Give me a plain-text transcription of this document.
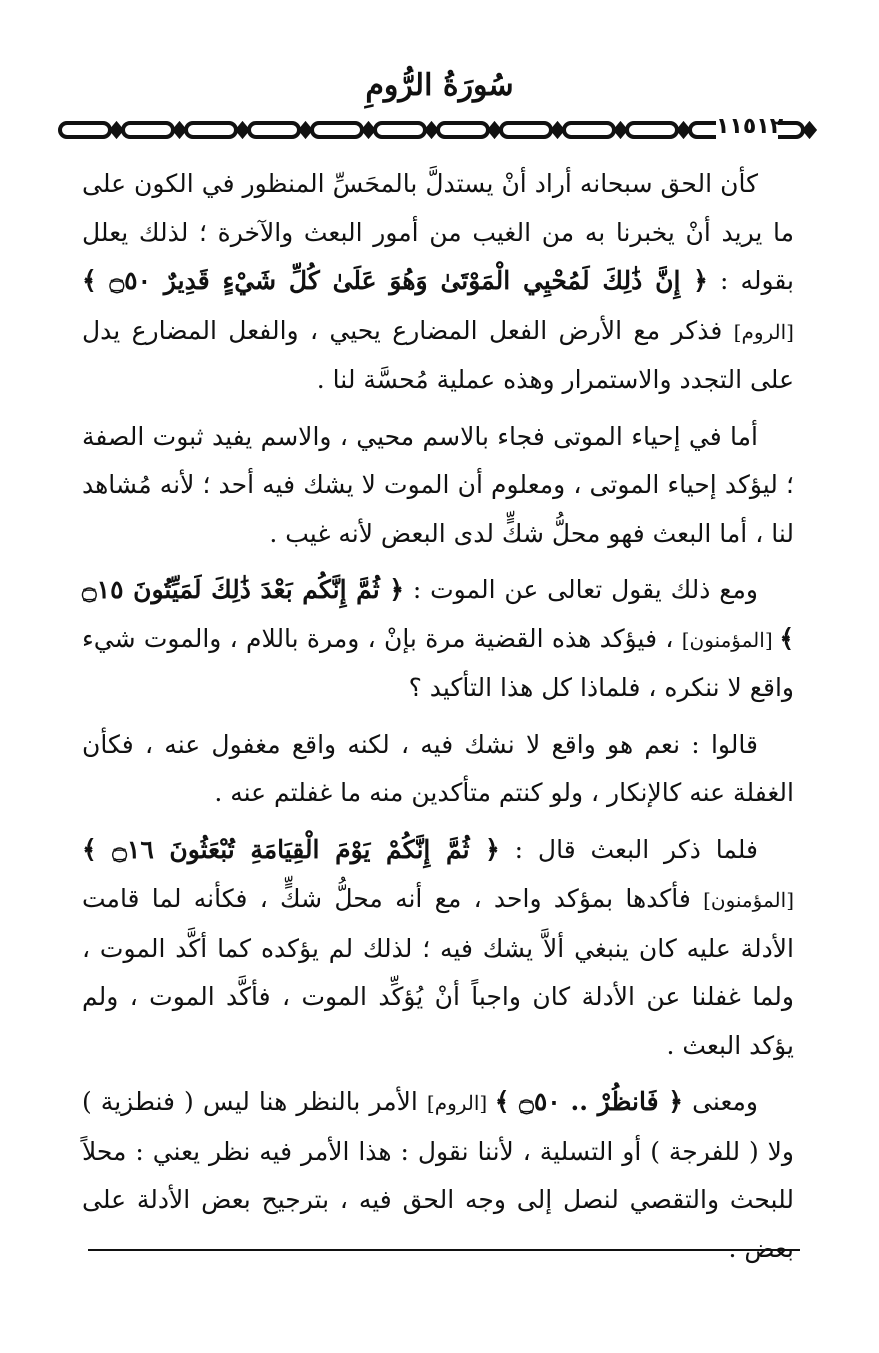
سُورَةُ الرُّومِ
١١٥١٢

كأن الحق سبحانه أراد أنْ يستدلَّ بالمحَسِّ المنظور في الكون على ما يريد أنْ يخبرنا به من الغيب من أمور البعث والآخرة ؛ لذلك يعلل بقوله : ﴿ إِنَّ ذَٰلِكَ لَمُحْيِي الْمَوْتَىٰ وَهُوَ عَلَىٰ كُلِّ شَيْءٍ قَدِيرٌ ۝٥٠ ﴾ [الروم] فذكر مع الأرض الفعل المضارع يحيي ، والفعل المضارع يدل على التجدد والاستمرار وهذه عملية مُحسَّة لنا .

أما في إحياء الموتى فجاء بالاسم محيي ، والاسم يفيد ثبوت الصفة ؛ ليؤكد إحياء الموتى ، ومعلوم أن الموت لا يشك فيه أحد ؛ لأنه مُشاهد لنا ، أما البعث فهو محلُّ شكٍّ لدى البعض لأنه غيب .

ومع ذلك يقول تعالى عن الموت : ﴿ ثُمَّ إِنَّكُم بَعْدَ ذَٰلِكَ لَمَيِّتُونَ ۝١٥ ﴾ [المؤمنون] ، فيؤكد هذه القضية مرة بإنْ ، ومرة باللام ، والموت شيء واقع لا ننكره ، فلماذا كل هذا التأكيد ؟

قالوا : نعم هو واقع لا نشك فيه ، لكنه واقع مغفول عنه ، فكأن الغفلة عنه كالإنكار ، ولو كنتم متأكدين منه ما غفلتم عنه .

فلما ذكر البعث قال : ﴿ ثُمَّ إِنَّكُمْ يَوْمَ الْقِيَامَةِ تُبْعَثُونَ ۝١٦ ﴾ [المؤمنون] فأكدها بمؤكد واحد ، مع أنه محلُّ شكٍّ ، فكأنه لما قامت الأدلة عليه كان ينبغي ألاَّ يشك فيه ؛ لذلك لم يؤكده كما أكَّد الموت ، ولما غفلنا عن الأدلة كان واجباً أنْ يُؤكِّد الموت ، فأكَّد الموت ، ولم يؤكد البعث .

ومعنى ﴿ فَانظُرْ .. ۝٥٠ ﴾ [الروم] الأمر بالنظر هنا ليس ( فنطزية ) ولا ( للفرجة ) أو التسلية ، لأننا نقول : هذا الأمر فيه نظر يعني : محلاً للبحث والتقصي لنصل إلى وجه الحق فيه ، بترجيح بعض الأدلة على بعض .
